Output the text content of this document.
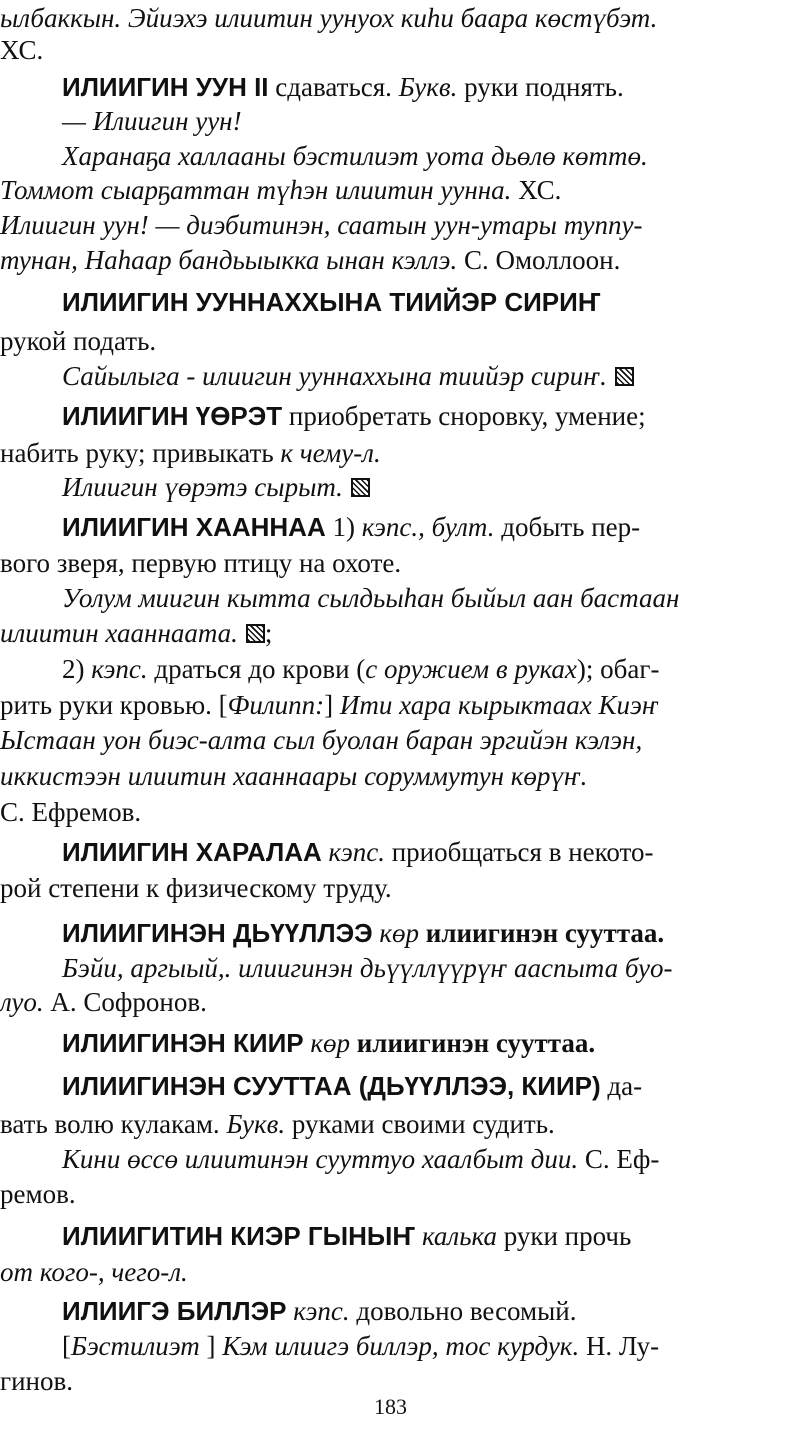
ылбаккын. Эйиэхэ илиитин уунуох киһи баара көстүбэт.
ХС.
ИЛИИГИН УУН II сдаваться. Букв. руки поднять.
— Илиигин уун!
Харанаҕа халлааны бэстилиэт уота дьөлө көттө.
Томмот сыарҕаттан түһэн илиитин уунна. ХС.
Илиигин уун! — диэбитинэн, саатын уун-утары туппу-
тунан, Наһаар бандьыыкка ынан кэллэ. С. Омоллоон.
ИЛИИГИН УУННАХХЫНА ТИИЙЭР СИРИҤ
рукой подать.
Сайылыга - илиигин ууннаххына тиийэр сириҥ.
ИЛИИГИН ҮӨРЭТ приобретать сноровку, умение;
набить руку; привыкать к чему-л.
Илиигин үөрэтэ сырыт.
ИЛИИГИН ХААННАА 1) кэпс., булт. добыть пер-
вого зверя, первую птицу на охоте.
Уолум миигин кытта сылдьыһан быйыл аан бастаан
илиитин хааннаата. ;
2) кэпс. драться до крови (с оружием в руках); обаг-
рить руки кровью. [Филипп:] Ити хара кырыктаах Киэҥ
Ыстаан уон биэс-алта сыл буолан баран эргийэн кэлэн,
иккистээн илиитин хааннаары соруммутун көрүҥ.
С. Ефремов.
ИЛИИГИН ХАРАЛАА кэпс. приобщаться в некото-
рой степени к физическому труду.
ИЛИИГИНЭН ДЬҮҮЛЛЭЭ көр илиигинэн сууттаа.
Бэйи, аргыый,. илиигинэн дьүүллүүрүҥ ааспыта буо-
луо. А. Софронов.
ИЛИИГИНЭН КИИР көр илиигинэн сууттаа.
ИЛИИГИНЭН СУУТТАА (ДЬҮҮЛЛЭЭ, КИИР) да-
вать волю кулакам. Букв. руками своими судить.
Кини өссө илиитинэн сууттуо хаалбыт дии. С. Еф-
ремов.
ИЛИИГИТИН КИЭР ГЫНЫҤ калька руки прочь
от кого-, чего-л.
ИЛИИГЭ БИЛЛЭР кэпс. довольно весомый.
[Бэстилиэт ] Кэм илиигэ биллэр, тос курдук. Н. Лу-
гинов.
183
